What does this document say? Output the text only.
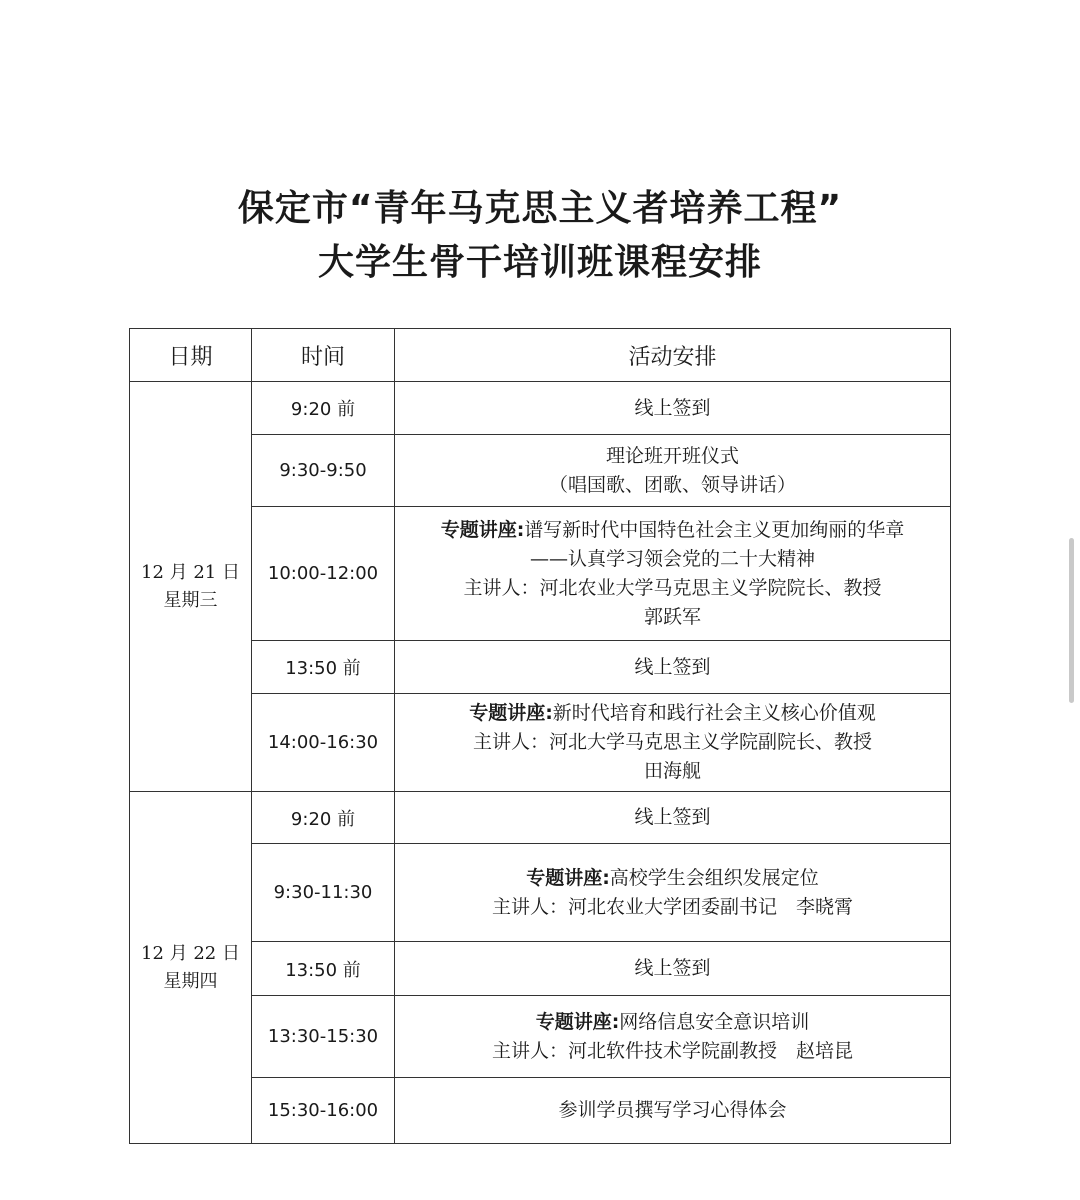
保定市“青年马克思主义者培养工程”
大学生骨干培训班课程安排
日期	时间	活动安排

12 月 21 日
星期三	9:20 前	线上签到

	9:30-9:50	理论班开班仪式
（唱国歌、团歌、领导讲话）

	10:00-12:00	专题讲座:谱写新时代中国特色社会主义更加绚丽的华章
——认真学习领会党的二十大精神
主讲人：河北农业大学马克思主义学院院长、教授
郭跃军

	13:50 前	线上签到

	14:00-16:30	专题讲座:新时代培育和践行社会主义核心价值观
主讲人：河北大学马克思主义学院副院长、教授
田海舰

12 月 22 日
星期四	9:20 前	线上签到

	9:30-11:30	专题讲座:高校学生会组织发展定位
主讲人：河北农业大学团委副书记　李晓霄

	13:50 前	线上签到

	13:30-15:30	专题讲座:网络信息安全意识培训
主讲人：河北软件技术学院副教授　赵培昆

	15:30-16:00	参训学员撰写学习心得体会
